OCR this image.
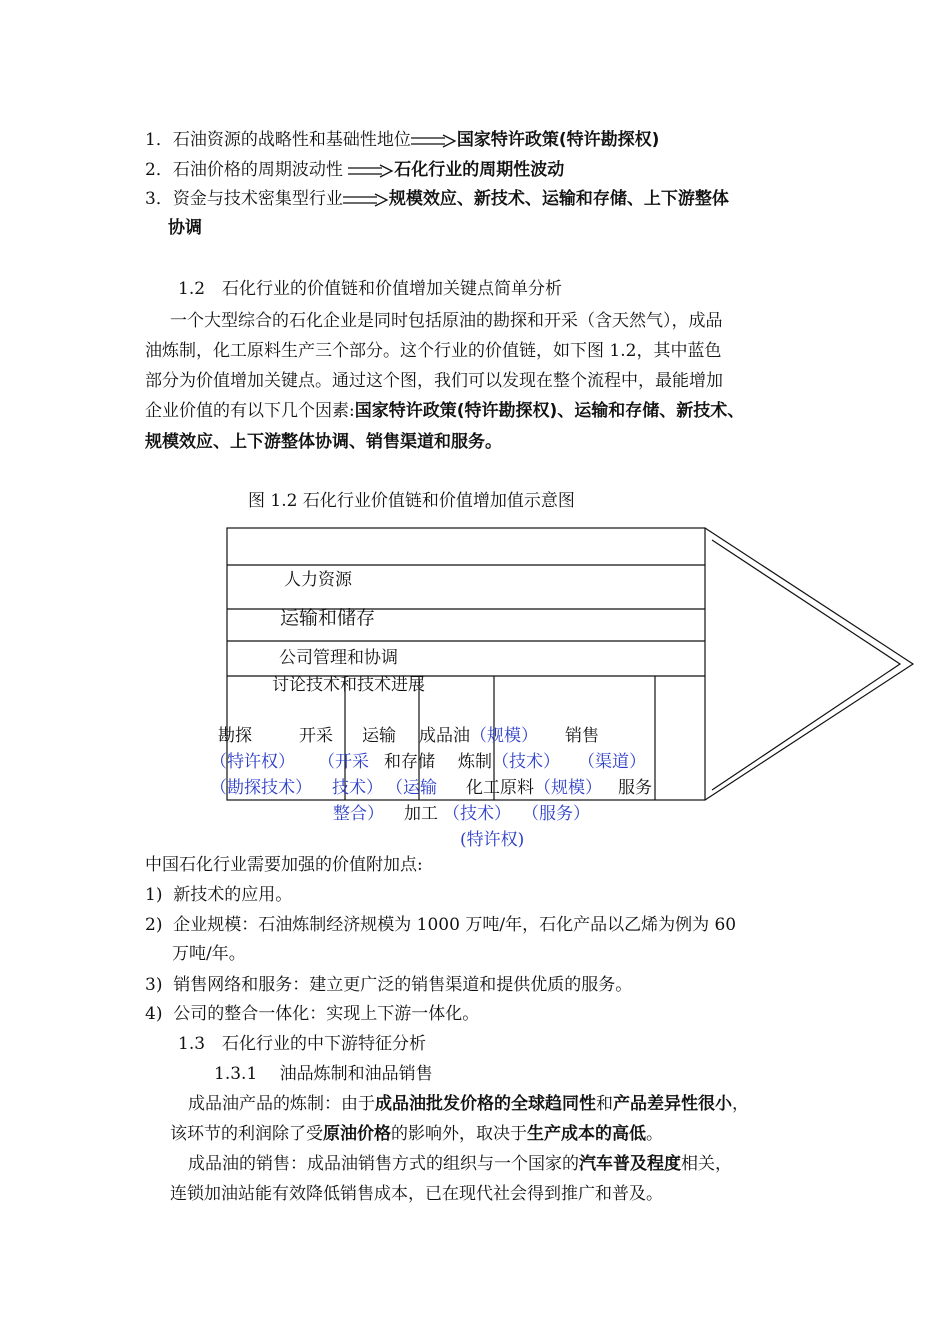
1．石油资源的战略性和基础性地位	国家特许政策(特许勘探权)
2．石油价格的周期波动性	石化行业的周期性波动
3．资金与技术密集型行业	规模效应、新技术、运输和存储、上下游整体
协调
1.2　石化行业的价值链和价值增加关键点简单分析
一个大型综合的石化企业是同时包括原油的勘探和开采（含天然气），成品
油炼制，化工原料生产三个部分。这个行业的价值链，如下图 1.2，其中蓝色
部分为价值增加关键点。通过这个图，我们可以发现在整个流程中，最能增加
企业价值的有以下几个因素:国家特许政策(特许勘探权)、运输和存储、新技术、
规模效应、上下游整体协调、销售渠道和服务。
图 1.2 石化行业价值链和价值增加值示意图
人力资源
运输和储存
公司管理和协调
讨论技术和技术进展
勘探
（特许权）
（勘探技术）
开采
（开采
技术）
整合）
运输
和存储
（运输
加工
成品油（规模）
炼制（技术）
化工原料（规模）
（技术）
(特许权)
销售
（渠道）
服务
（服务）
中国石化行业需要加强的价值附加点:
1) 新技术的应用。
2) 企业规模：石油炼制经济规模为 1000 万吨/年，石化产品以乙烯为例为 60
万吨/年。
3) 销售网络和服务：建立更广泛的销售渠道和提供优质的服务。
4) 公司的整合一体化：实现上下游一体化。
1.3　石化行业的中下游特征分析
1.3.1　 油品炼制和油品销售
成品油产品的炼制：由于成品油批发价格的全球趋同性和产品差异性很小，
该环节的利润除了受原油价格的影响外，取决于生产成本的高低。
成品油的销售：成品油销售方式的组织与一个国家的汽车普及程度相关，
连锁加油站能有效降低销售成本，已在现代社会得到推广和普及。
